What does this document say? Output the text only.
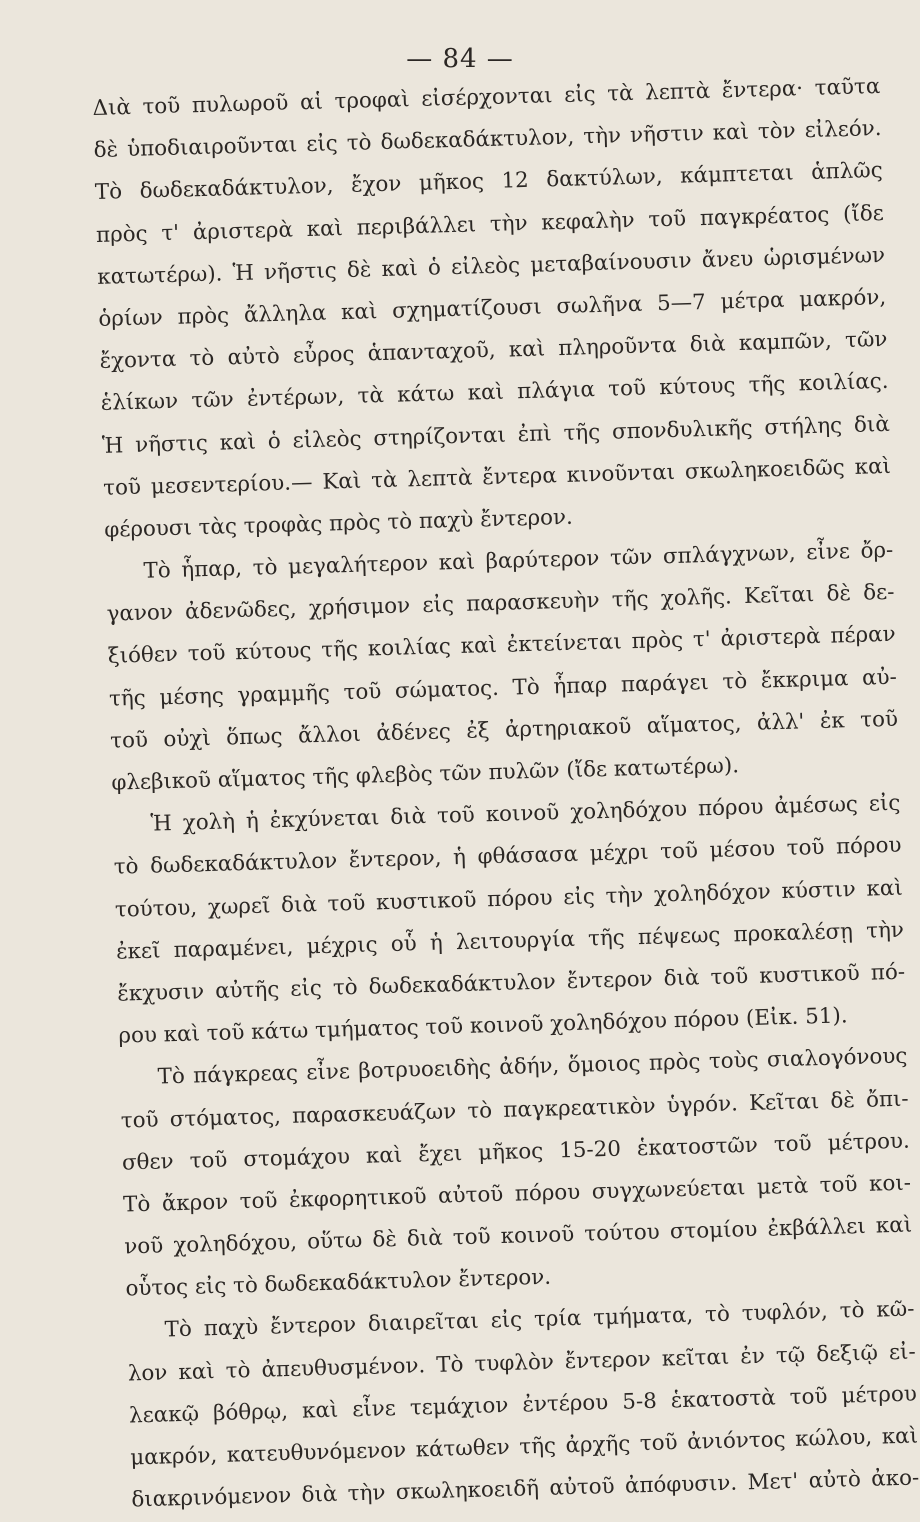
— 84 —
Διὰ τοῦ πυλωροῦ αἱ τροφαὶ εἰσέρχονται εἰς τὰ λεπτὰ ἔντερα· ταῦτα
δὲ ὑποδιαιροῦνται εἰς τὸ δωδεκαδάκτυλον, τὴν νῆστιν καὶ τὸν εἰλεόν.
Τὸ δωδεκαδάκτυλον, ἔχον μῆκος 12 δακτύλων, κάμπτεται ἁπλῶς
πρὸς τ' ἀριστερὰ καὶ περιβάλλει τὴν κεφαλὴν τοῦ παγκρέατος (ἴδε
κατωτέρω). Ἡ νῆστις δὲ καὶ ὁ εἰλεὸς μεταβαίνουσιν ἄνευ ὡρισμένων
ὁρίων πρὸς ἄλληλα καὶ σχηματίζουσι σωλῆνα 5—7 μέτρα μακρόν,
ἔχοντα τὸ αὐτὸ εὖρος ἁπανταχοῦ, καὶ πληροῦντα διὰ καμπῶν, τῶν
ἑλίκων τῶν ἐντέρων, τὰ κάτω καὶ πλάγια τοῦ κύτους τῆς κοιλίας.
Ἡ νῆστις καὶ ὁ εἰλεὸς στηρίζονται ἐπὶ τῆς σπονδυλικῆς στήλης διὰ
τοῦ μεσεντερίου.— Καὶ τὰ λεπτὰ ἔντερα κινοῦνται σκωληκοειδῶς καὶ
φέρουσι τὰς τροφὰς πρὸς τὸ παχὺ ἔντερον.
Τὸ ἧπαρ, τὸ μεγαλήτερον καὶ βαρύτερον τῶν σπλάγχνων, εἶνε ὄρ-
γανον ἀδενῶδες, χρήσιμον εἰς παρασκευὴν τῆς χολῆς. Κεῖται δὲ δε-
ξιόθεν τοῦ κύτους τῆς κοιλίας καὶ ἐκτείνεται πρὸς τ' ἀριστερὰ πέραν
τῆς μέσης γραμμῆς τοῦ σώματος. Τὸ ἧπαρ παράγει τὸ ἔκκριμα αὐ-
τοῦ οὐχὶ ὅπως ἄλλοι ἀδένες ἐξ ἀρτηριακοῦ αἵματος, ἀλλ' ἐκ τοῦ
φλεβικοῦ αἵματος τῆς φλεβὸς τῶν πυλῶν (ἴδε κατωτέρω).
Ἡ χολὴ ἡ ἐκχύνεται διὰ τοῦ κοινοῦ χοληδόχου πόρου ἀμέσως εἰς
τὸ δωδεκαδάκτυλον ἔντερον, ἡ φθάσασα μέχρι τοῦ μέσου τοῦ πόρου
τούτου, χωρεῖ διὰ τοῦ κυστικοῦ πόρου εἰς τὴν χοληδόχον κύστιν καὶ
ἐκεῖ παραμένει, μέχρις οὗ ἡ λειτουργία τῆς πέψεως προκαλέσῃ τὴν
ἔκχυσιν αὐτῆς εἰς τὸ δωδεκαδάκτυλον ἔντερον διὰ τοῦ κυστικοῦ πό-
ρου καὶ τοῦ κάτω τμήματος τοῦ κοινοῦ χοληδόχου πόρου (Εἰκ. 51).
Τὸ πάγκρεας εἶνε βοτρυοειδὴς ἀδήν, ὅμοιος πρὸς τοὺς σιαλογόνους
τοῦ στόματος, παρασκευάζων τὸ παγκρεατικὸν ὑγρόν. Κεῖται δὲ ὄπι-
σθεν τοῦ στομάχου καὶ ἔχει μῆκος 15-20 ἑκατοστῶν τοῦ μέτρου.
Τὸ ἄκρον τοῦ ἐκφορητικοῦ αὐτοῦ πόρου συγχωνεύεται μετὰ τοῦ κοι-
νοῦ χοληδόχου, οὕτω δὲ διὰ τοῦ κοινοῦ τούτου στομίου ἐκβάλλει καὶ
οὗτος εἰς τὸ δωδεκαδάκτυλον ἔντερον.
Τὸ παχὺ ἔντερον διαιρεῖται εἰς τρία τμήματα, τὸ τυφλόν, τὸ κῶ-
λον καὶ τὸ ἀπευθυσμένον. Τὸ τυφλὸν ἔντερον κεῖται ἐν τῷ δεξιῷ εἰ-
λεακῷ βόθρῳ, καὶ εἶνε τεμάχιον ἐντέρου 5-8 ἑκατοστὰ τοῦ μέτρου
μακρόν, κατευθυνόμενον κάτωθεν τῆς ἀρχῆς τοῦ ἀνιόντος κώλου, καὶ
διακρινόμενον διὰ τὴν σκωληκοειδῆ αὐτοῦ ἀπόφυσιν. Μετ' αὐτὸ ἀκο-
